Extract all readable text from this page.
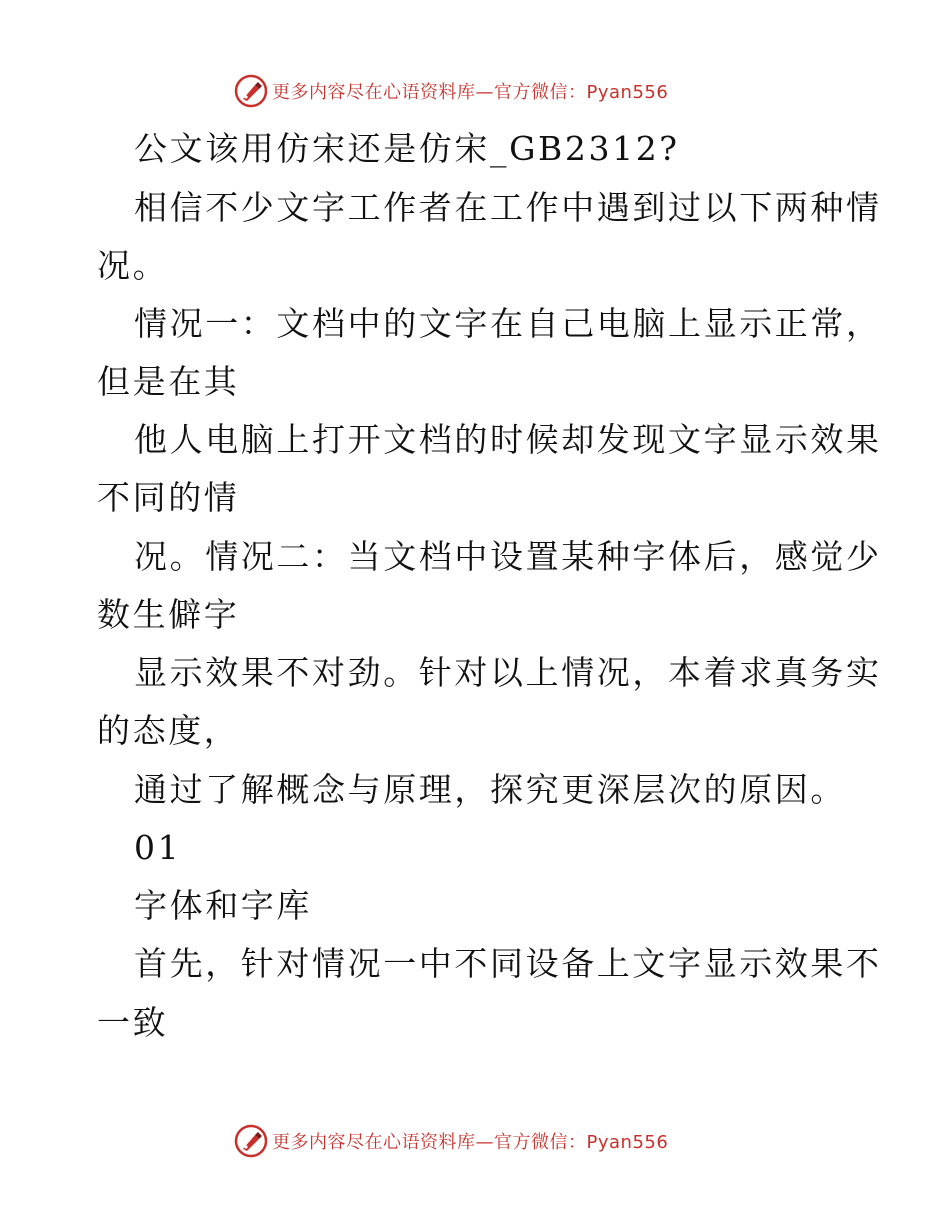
更多内容尽在心语资料库—官方微信：Pyan556
公文该用仿宋还是仿宋_GB2312?
相信不少文字工作者在工作中遇到过以下两种情
况。
情况一：文档中的文字在自己电脑上显示正常，
但是在其
他人电脑上打开文档的时候却发现文字显示效果
不同的情
况。情况二：当文档中设置某种字体后，感觉少
数生僻字
显示效果不对劲。针对以上情况，本着求真务实
的态度，
通过了解概念与原理，探究更深层次的原因。
01
字体和字库
首先，针对情况一中不同设备上文字显示效果不
一致
更多内容尽在心语资料库—官方微信：Pyan556
